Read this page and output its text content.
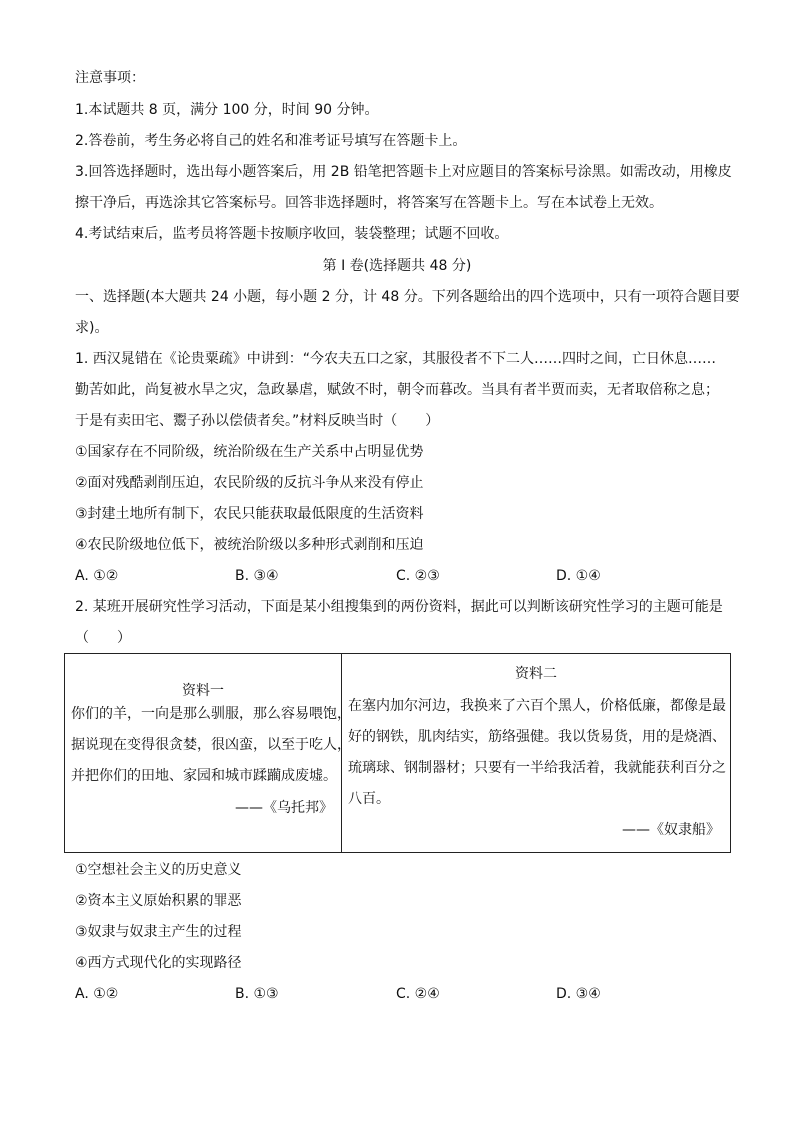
注意事项：
1.本试题共 8 页，满分 100 分，时间 90 分钟。
2.答卷前，考生务必将自己的姓名和准考证号填写在答题卡上。
3.回答选择题时，选出每小题答案后，用 2B 铅笔把答题卡上对应题目的答案标号涂黑。如需改动，用橡皮
擦干净后，再选涂其它答案标号。回答非选择题时，将答案写在答题卡上。写在本试卷上无效。
4.考试结束后，监考员将答题卡按顺序收回，装袋整理；试题不回收。
第 I 卷(选择题共 48 分)
一、选择题(本大题共 24 小题，每小题 2 分，计 48 分。下列各题给出的四个选项中，只有一项符合题目要
求)。
1. 西汉晁错在《论贵粟疏》中讲到：“今农夫五口之家，其服役者不下二人……四时之间，亡日休息……
勤苦如此，尚复被水旱之灾，急政暴虐，赋敛不时，朝令而暮改。当具有者半贾而卖，无者取倍称之息；
于是有卖田宅、鬻子孙以偿债者矣。”材料反映当时（　　）
①国家存在不同阶级，统治阶级在生产关系中占明显优势
②面对残酷剥削压迫，农民阶级的反抗斗争从来没有停止
③封建土地所有制下，农民只能获取最低限度的生活资料
④农民阶级地位低下，被统治阶级以多种形式剥削和压迫
A. ①②	B. ③④	C. ②③	D. ①④
2. 某班开展研究性学习活动，下面是某小组搜集到的两份资料，据此可以判断该研究性学习的主题可能是
（　　）
资料一
你们的羊，一向是那么驯服，那么容易喂饱，
据说现在变得很贪婪，很凶蛮，以至于吃人，
并把你们的田地、家园和城市蹂躏成废墟。
——《乌托邦》

资料二
在塞内加尔河边，我换来了六百个黑人，价格低廉，都像是最
好的钢铁，肌肉结实，筋络强健。我以货易货，用的是烧酒、
琉璃球、钢制器材；只要有一半给我活着，我就能获利百分之
八百。
——《奴隶船》
①空想社会主义的历史意义
②资本主义原始积累的罪恶
③奴隶与奴隶主产生的过程
④西方式现代化的实现路径
A. ①②	B. ①③	C. ②④	D. ③④
